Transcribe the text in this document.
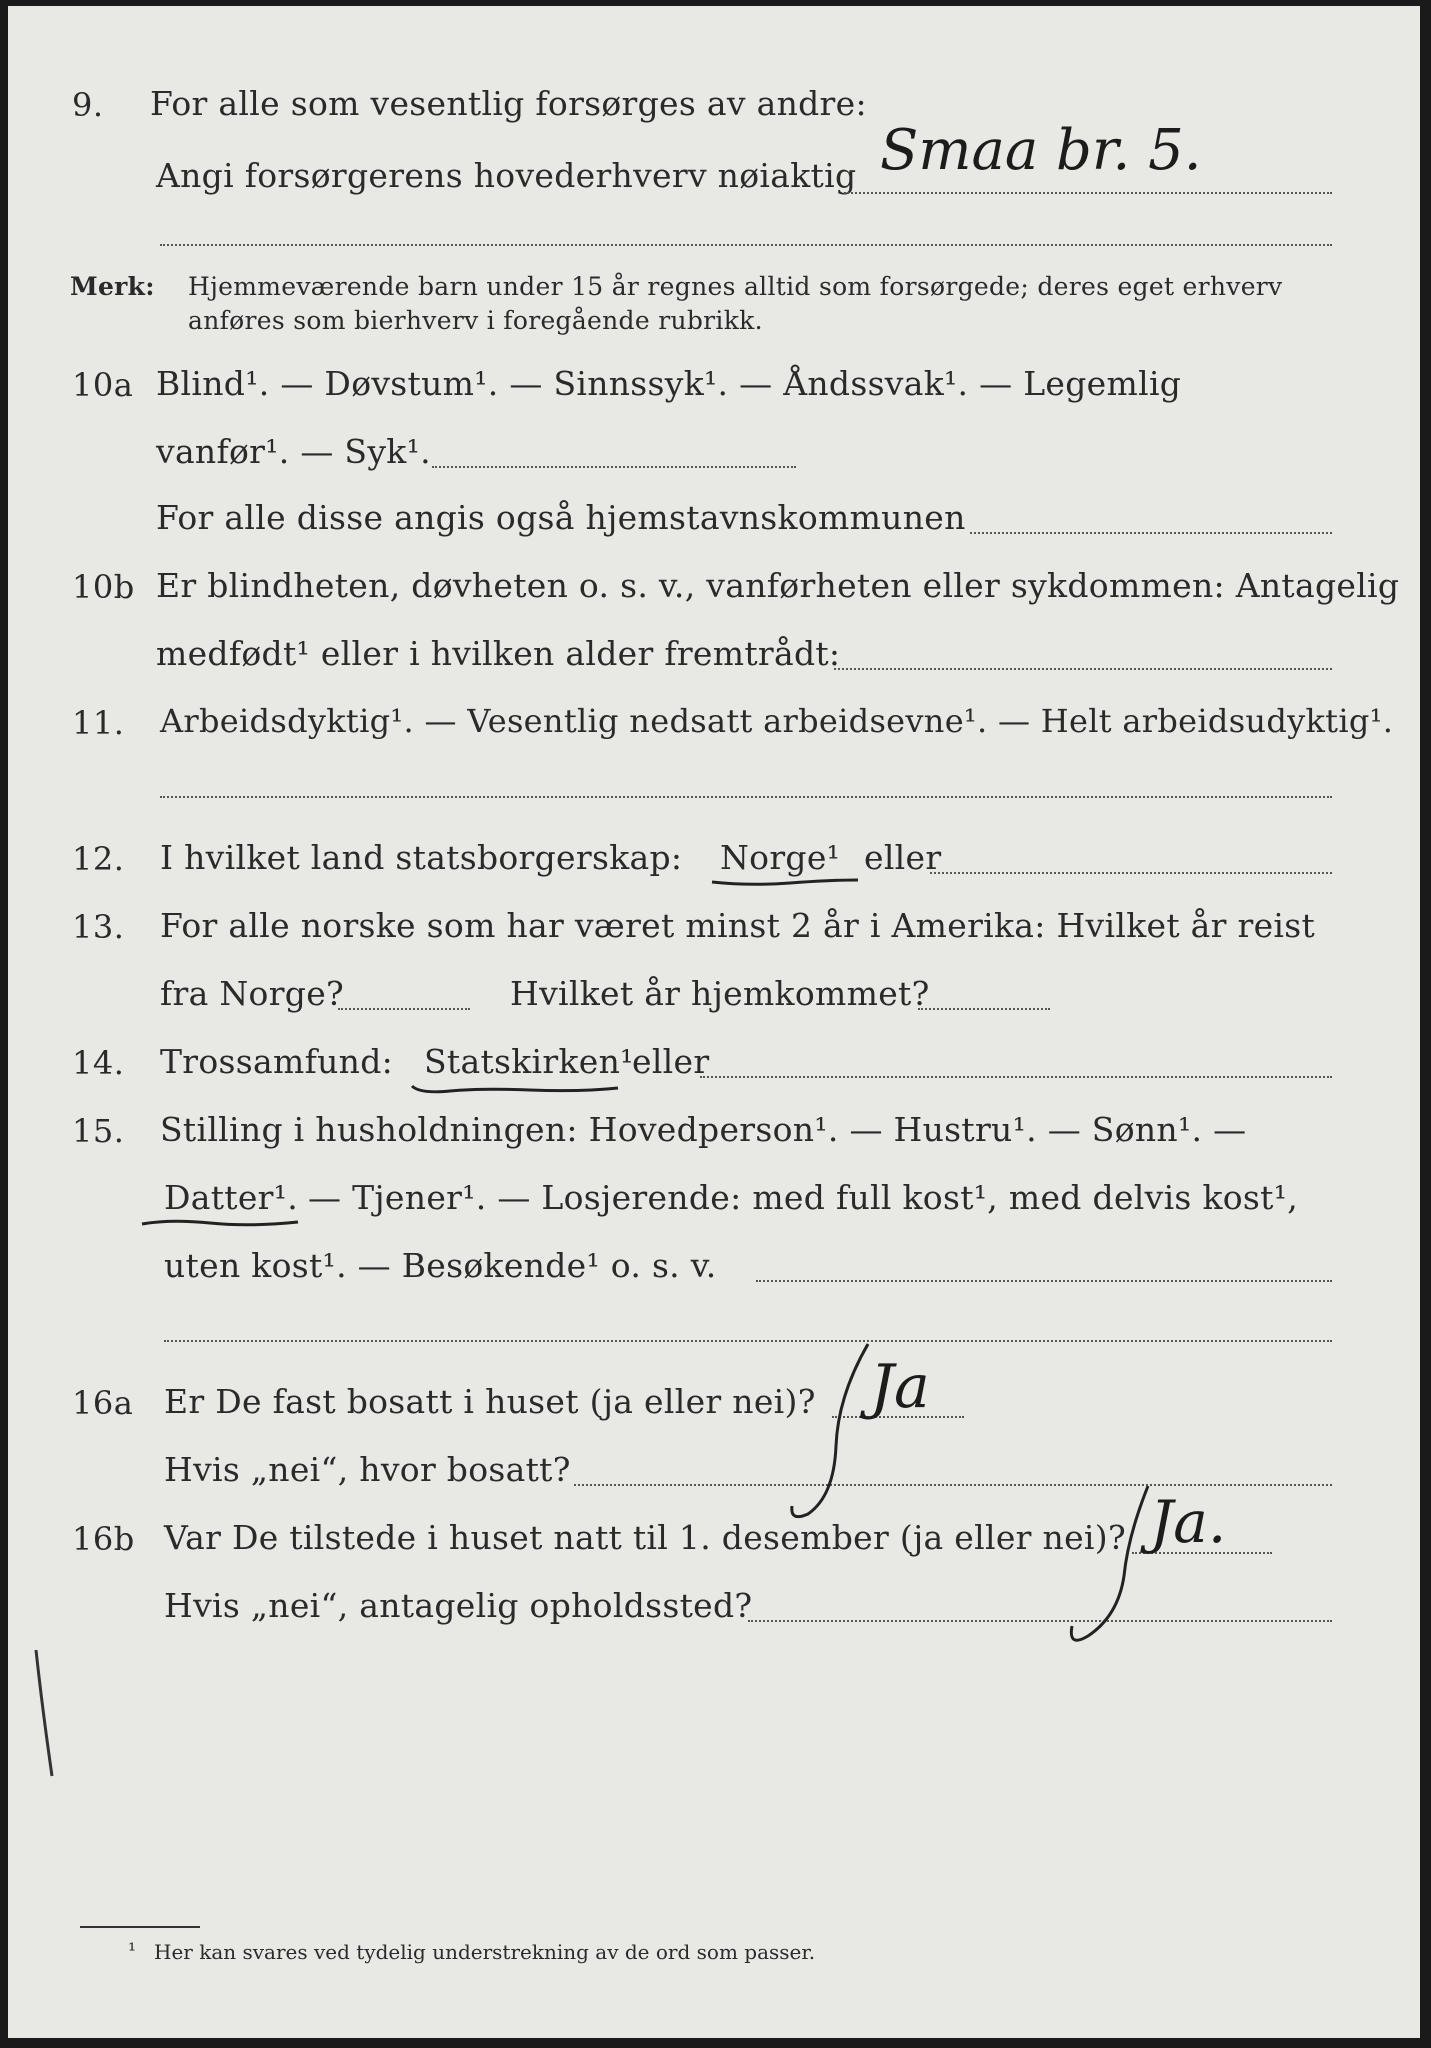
9. For alle som vesentlig forsørges av andre:
Angi forsørgerens hovederhverv nøiaktig Smaa br. 5.
Merk: Hjemmeværende barn under 15 år regnes alltid som forsørgede; deres eget erhverv
anføres som bierhverv i foregående rubrikk.
10a Blind¹. — Døvstum¹. — Sinnssyk¹. — Åndssvak¹. — Legemlig
vanfør¹. — Syk¹.
For alle disse angis også hjemstavnskommunen
10b Er blindheten, døvheten o. s. v., vanførheten eller sykdommen: Antagelig
medfødt¹ eller i hvilken alder fremtrådt:
11. Arbeidsdyktig¹. — Vesentlig nedsatt arbeidsevne¹. — Helt arbeidsudyktig¹.
12. I hvilket land statsborgerskap: Norge¹ eller
13. For alle norske som har været minst 2 år i Amerika: Hvilket år reist
fra Norge?	Hvilket år hjemkommet?
14. Trossamfund: Statskirken¹
eller
15. Stilling i husholdningen: Hovedperson¹. — Hustru¹. — Sønn¹. —
Datter¹. — Tjener¹. — Losjerende: med full kost¹, med delvis kost¹,
uten kost¹. — Besøkende¹ o. s. v.
16a Er De fast bosatt i huset (ja eller nei)? Ja
Hvis „nei“, hvor bosatt?
16b Var De tilstede i huset natt til 1. desember (ja eller nei)? Ja.
Hvis „nei“, antagelig opholdssted?
¹ Her kan svares ved tydelig understrekning av de ord som passer.
